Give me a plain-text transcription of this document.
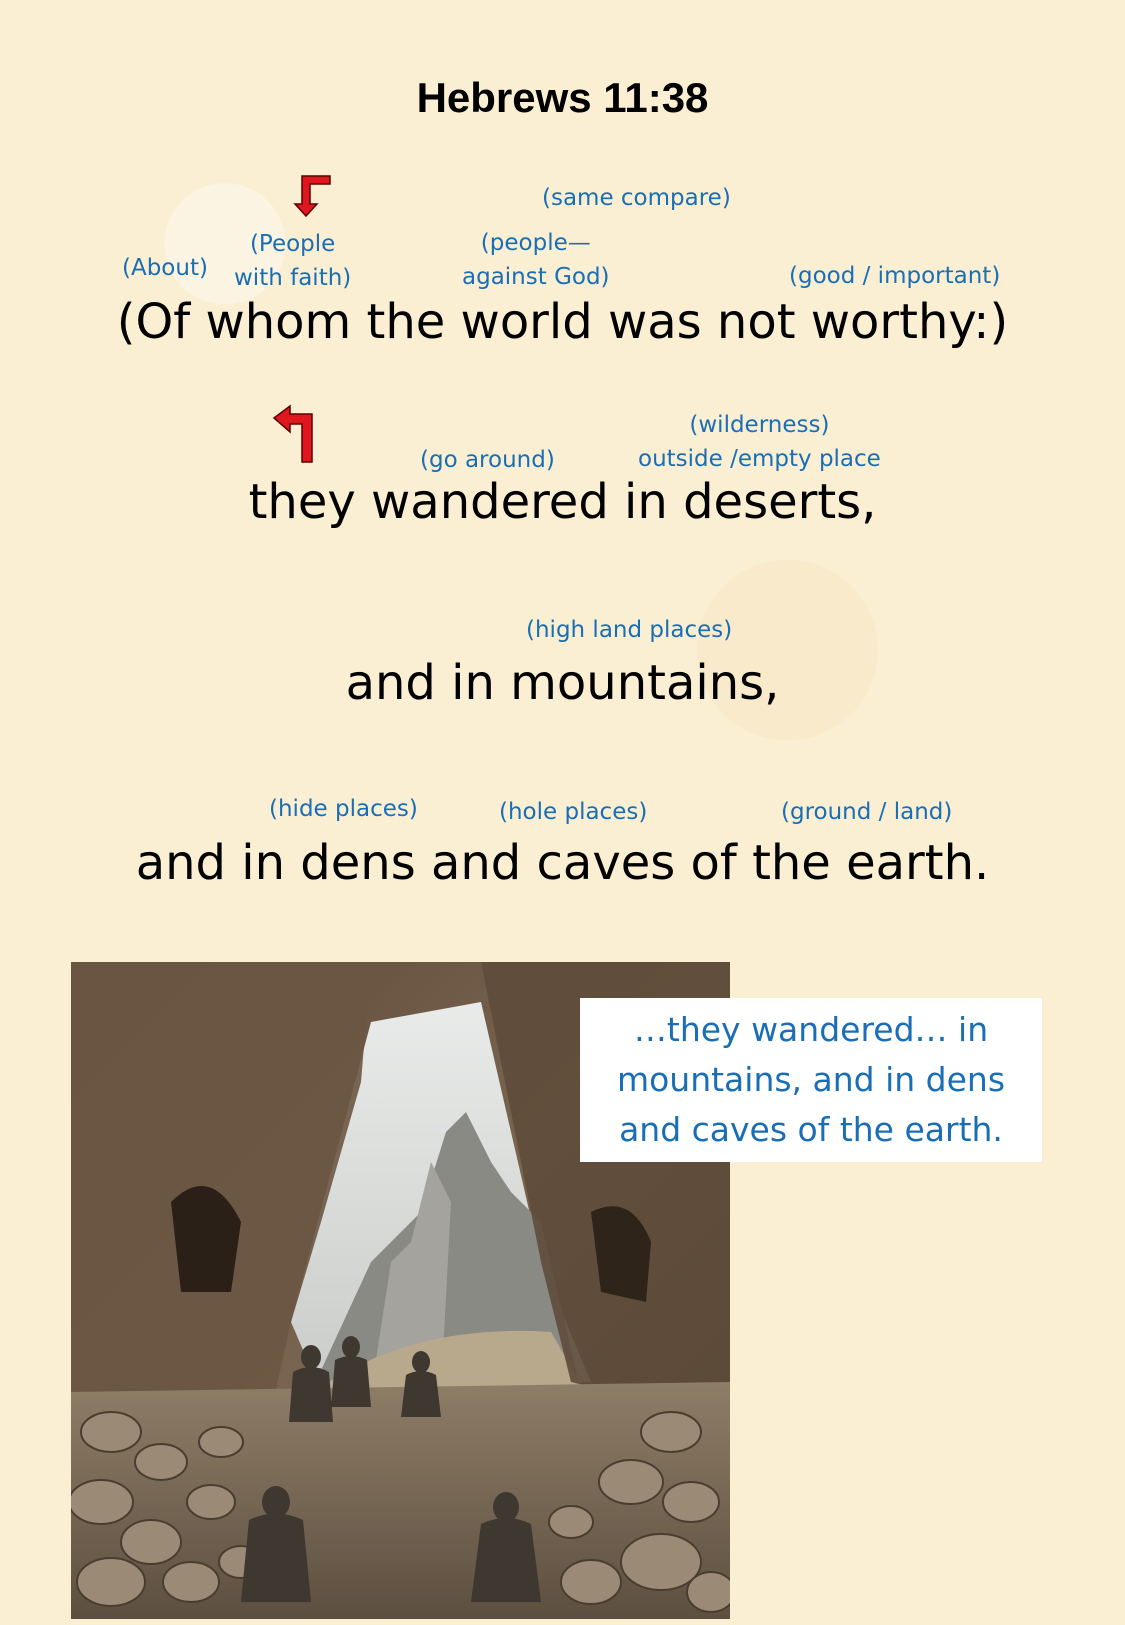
Hebrews 11:38
(same compare)
(About)
(People
with faith)
(people—
against God)	(good / important)
(Of whom the world was not worthy:)
(go around)
(wilderness)
outside /empty place
they wandered in deserts,
(high land places)
and in mountains,
(hide places)	(hole places)	(ground / land)
and in dens and caves of the earth.
…they wandered… in mountains, and in dens and caves of the earth.
